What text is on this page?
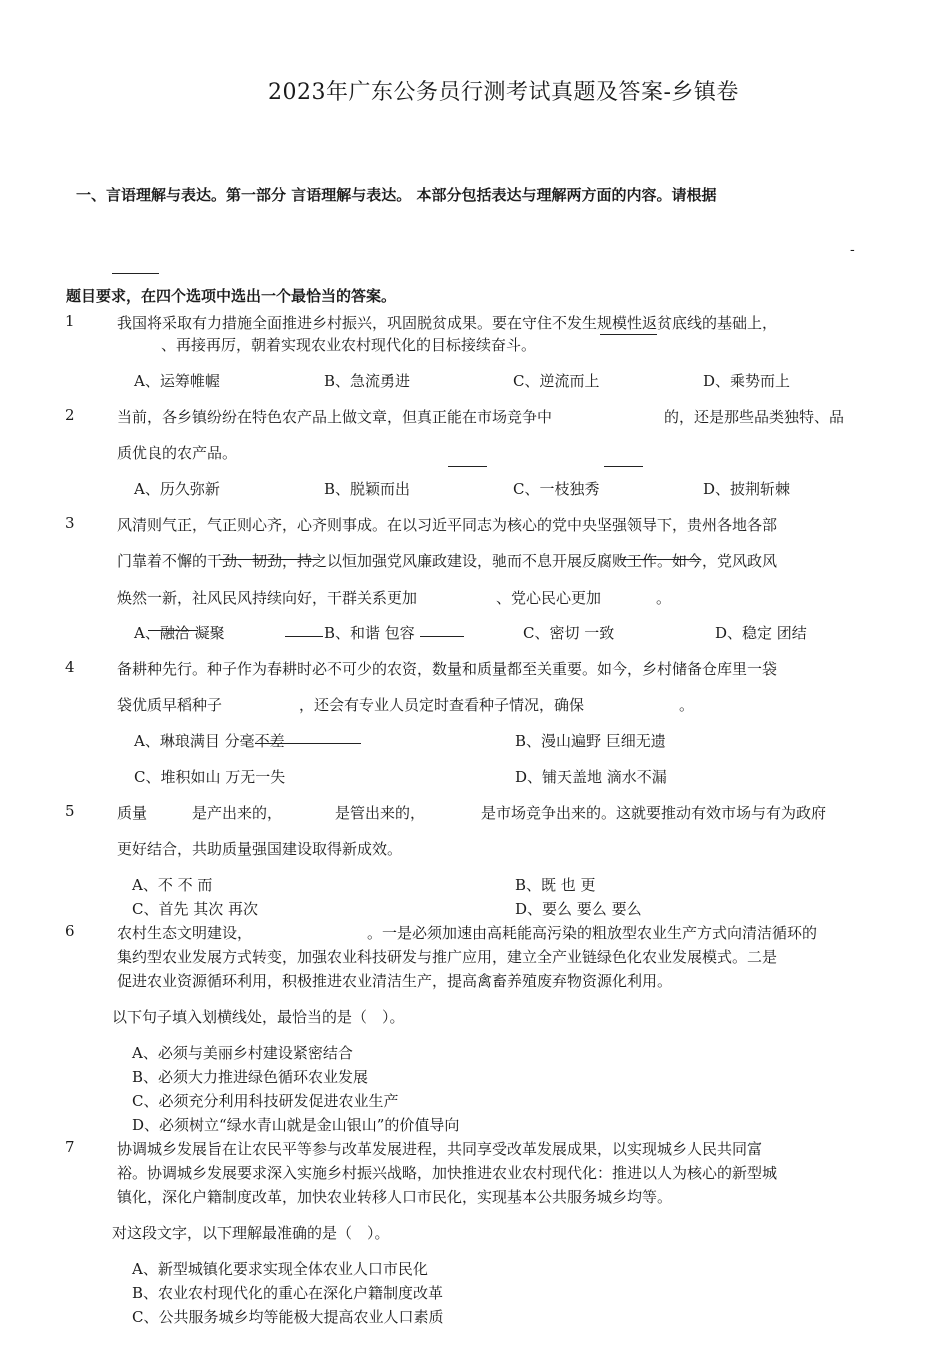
2023年广东公务员行测考试真题及答案-乡镇卷
一、言语理解与表达。第一部分 言语理解与表达。 本部分包括表达与理解两方面的内容。请根据
-
题目要求，在四个选项中选出一个最恰当的答案。
1	我国将采取有力措施全面推进乡村振兴，巩固脱贫成果。要在守住不发生规模性返贫底线的基础上，
、再接再厉，朝着实现农业农村现代化的目标接续奋斗。
A、运筹帷幄	B、急流勇进	C、逆流而上	D、乘势而上
2	当前，各乡镇纷纷在特色农产品上做文章，但真正能在市场竞争中	的，还是那些品类独特、品
质优良的农产品。
A、历久弥新	B、脱颖而出	C、一枝独秀	D、披荆斩棘
3	风清则气正，气正则心齐，心齐则事成。在以习近平同志为核心的党中央坚强领导下，贵州各地各部
门靠着不懈的干劲、韧劲，持之以恒加强党风廉政建设，驰而不息开展反腐败工作。如今，党风政风
焕然一新，社风民风持续向好，干群关系更加	、党心民心更加	。
A、融洽 凝聚	B、和谐 包容	C、密切 一致	D、稳定 团结
4	备耕种先行。种子作为春耕时必不可少的农资，数量和质量都至关重要。如今，乡村储备仓库里一袋
袋优质早稻种子	，还会有专业人员定时查看种子情况，确保	。
A、琳琅满目 分毫不差	B、漫山遍野 巨细无遗
C、堆积如山 万无一失	D、铺天盖地 滴水不漏
5	质量	是产出来的，	是管出来的，	是市场竞争出来的。这就要推动有效市场与有为政府
更好结合，共助质量强国建设取得新成效。
A、不 不 而	B、既 也 更
C、首先 其次 再次	D、要么 要么 要么
6	农村生态文明建设，	。一是必须加速由高耗能高污染的粗放型农业生产方式向清洁循环的
集约型农业发展方式转变，加强农业科技研发与推广应用，建立全产业链绿色化农业发展模式。二是
促进农业资源循环利用，积极推进农业清洁生产，提高禽畜养殖废弃物资源化利用。
以下句子填入划横线处，最恰当的是（　）。
A、必须与美丽乡村建设紧密结合
B、必须大力推进绿色循环农业发展
C、必须充分利用科技研发促进农业生产
D、必须树立“绿水青山就是金山银山”的价值导向
7	协调城乡发展旨在让农民平等参与改革发展进程，共同享受改革发展成果，以实现城乡人民共同富
裕。协调城乡发展要求深入实施乡村振兴战略，加快推进农业农村现代化：推进以人为核心的新型城
镇化，深化户籍制度改革，加快农业转移人口市民化，实现基本公共服务城乡均等。
对这段文字，以下理解最准确的是（　）。
A、新型城镇化要求实现全体农业人口市民化
B、农业农村现代化的重心在深化户籍制度改革
C、公共服务城乡均等能极大提高农业人口素质
